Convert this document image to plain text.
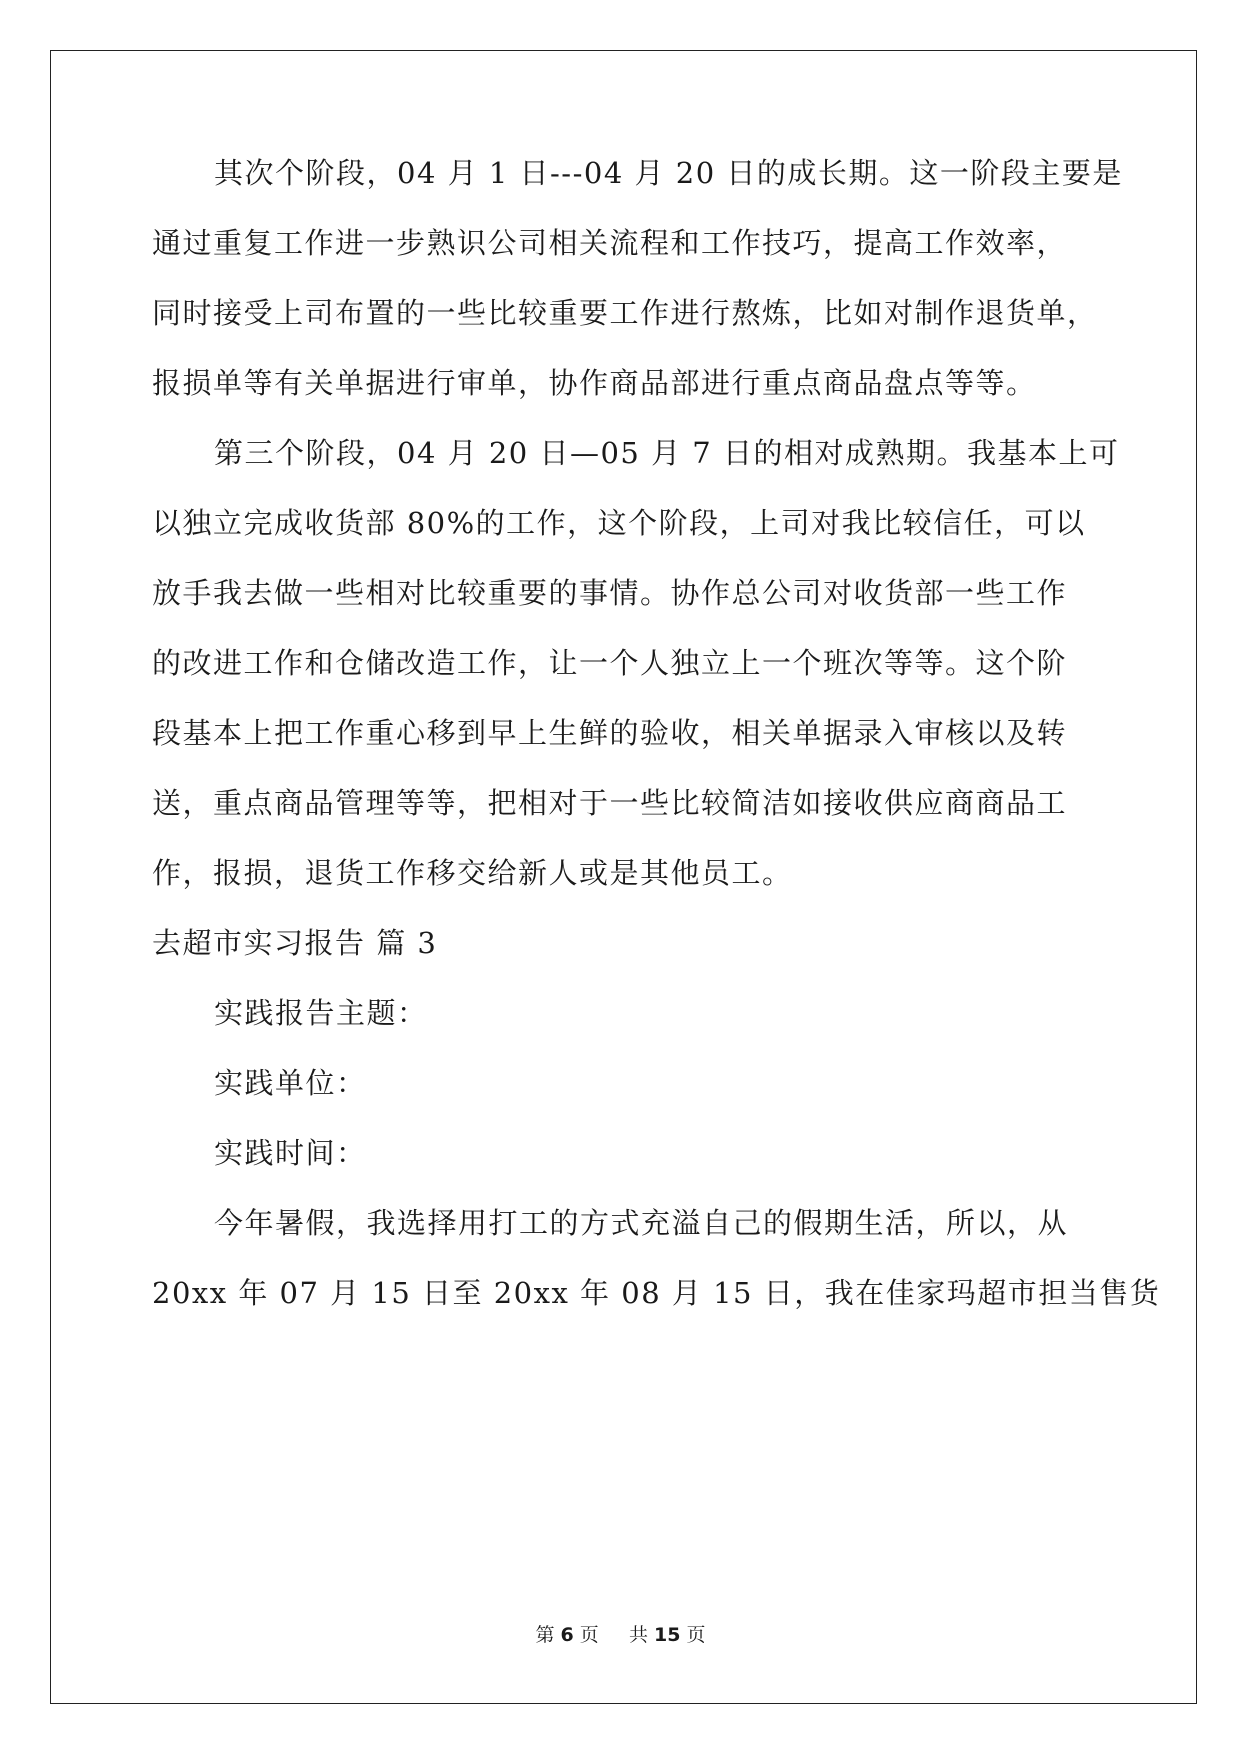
其次个阶段，04 月 1 日---04 月 20 日的成长期。这一阶段主要是
通过重复工作进一步熟识公司相关流程和工作技巧，提高工作效率，
同时接受上司布置的一些比较重要工作进行熬炼，比如对制作退货单，
报损单等有关单据进行审单，协作商品部进行重点商品盘点等等。
第三个阶段，04 月 20 日—05 月 7 日的相对成熟期。我基本上可
以独立完成收货部 80%的工作，这个阶段，上司对我比较信任，可以
放手我去做一些相对比较重要的事情。协作总公司对收货部一些工作
的改进工作和仓储改造工作，让一个人独立上一个班次等等。这个阶
段基本上把工作重心移到早上生鲜的验收，相关单据录入审核以及转
送，重点商品管理等等，把相对于一些比较简洁如接收供应商商品工
作，报损，退货工作移交给新人或是其他员工。
去超市实习报告 篇 3
实践报告主题：
实践单位：
实践时间：
今年暑假，我选择用打工的方式充溢自己的假期生活，所以，从
20xx 年 07 月 15 日至 20xx 年 08 月 15 日，我在佳家玛超市担当售货
第 6 页 共 15 页
